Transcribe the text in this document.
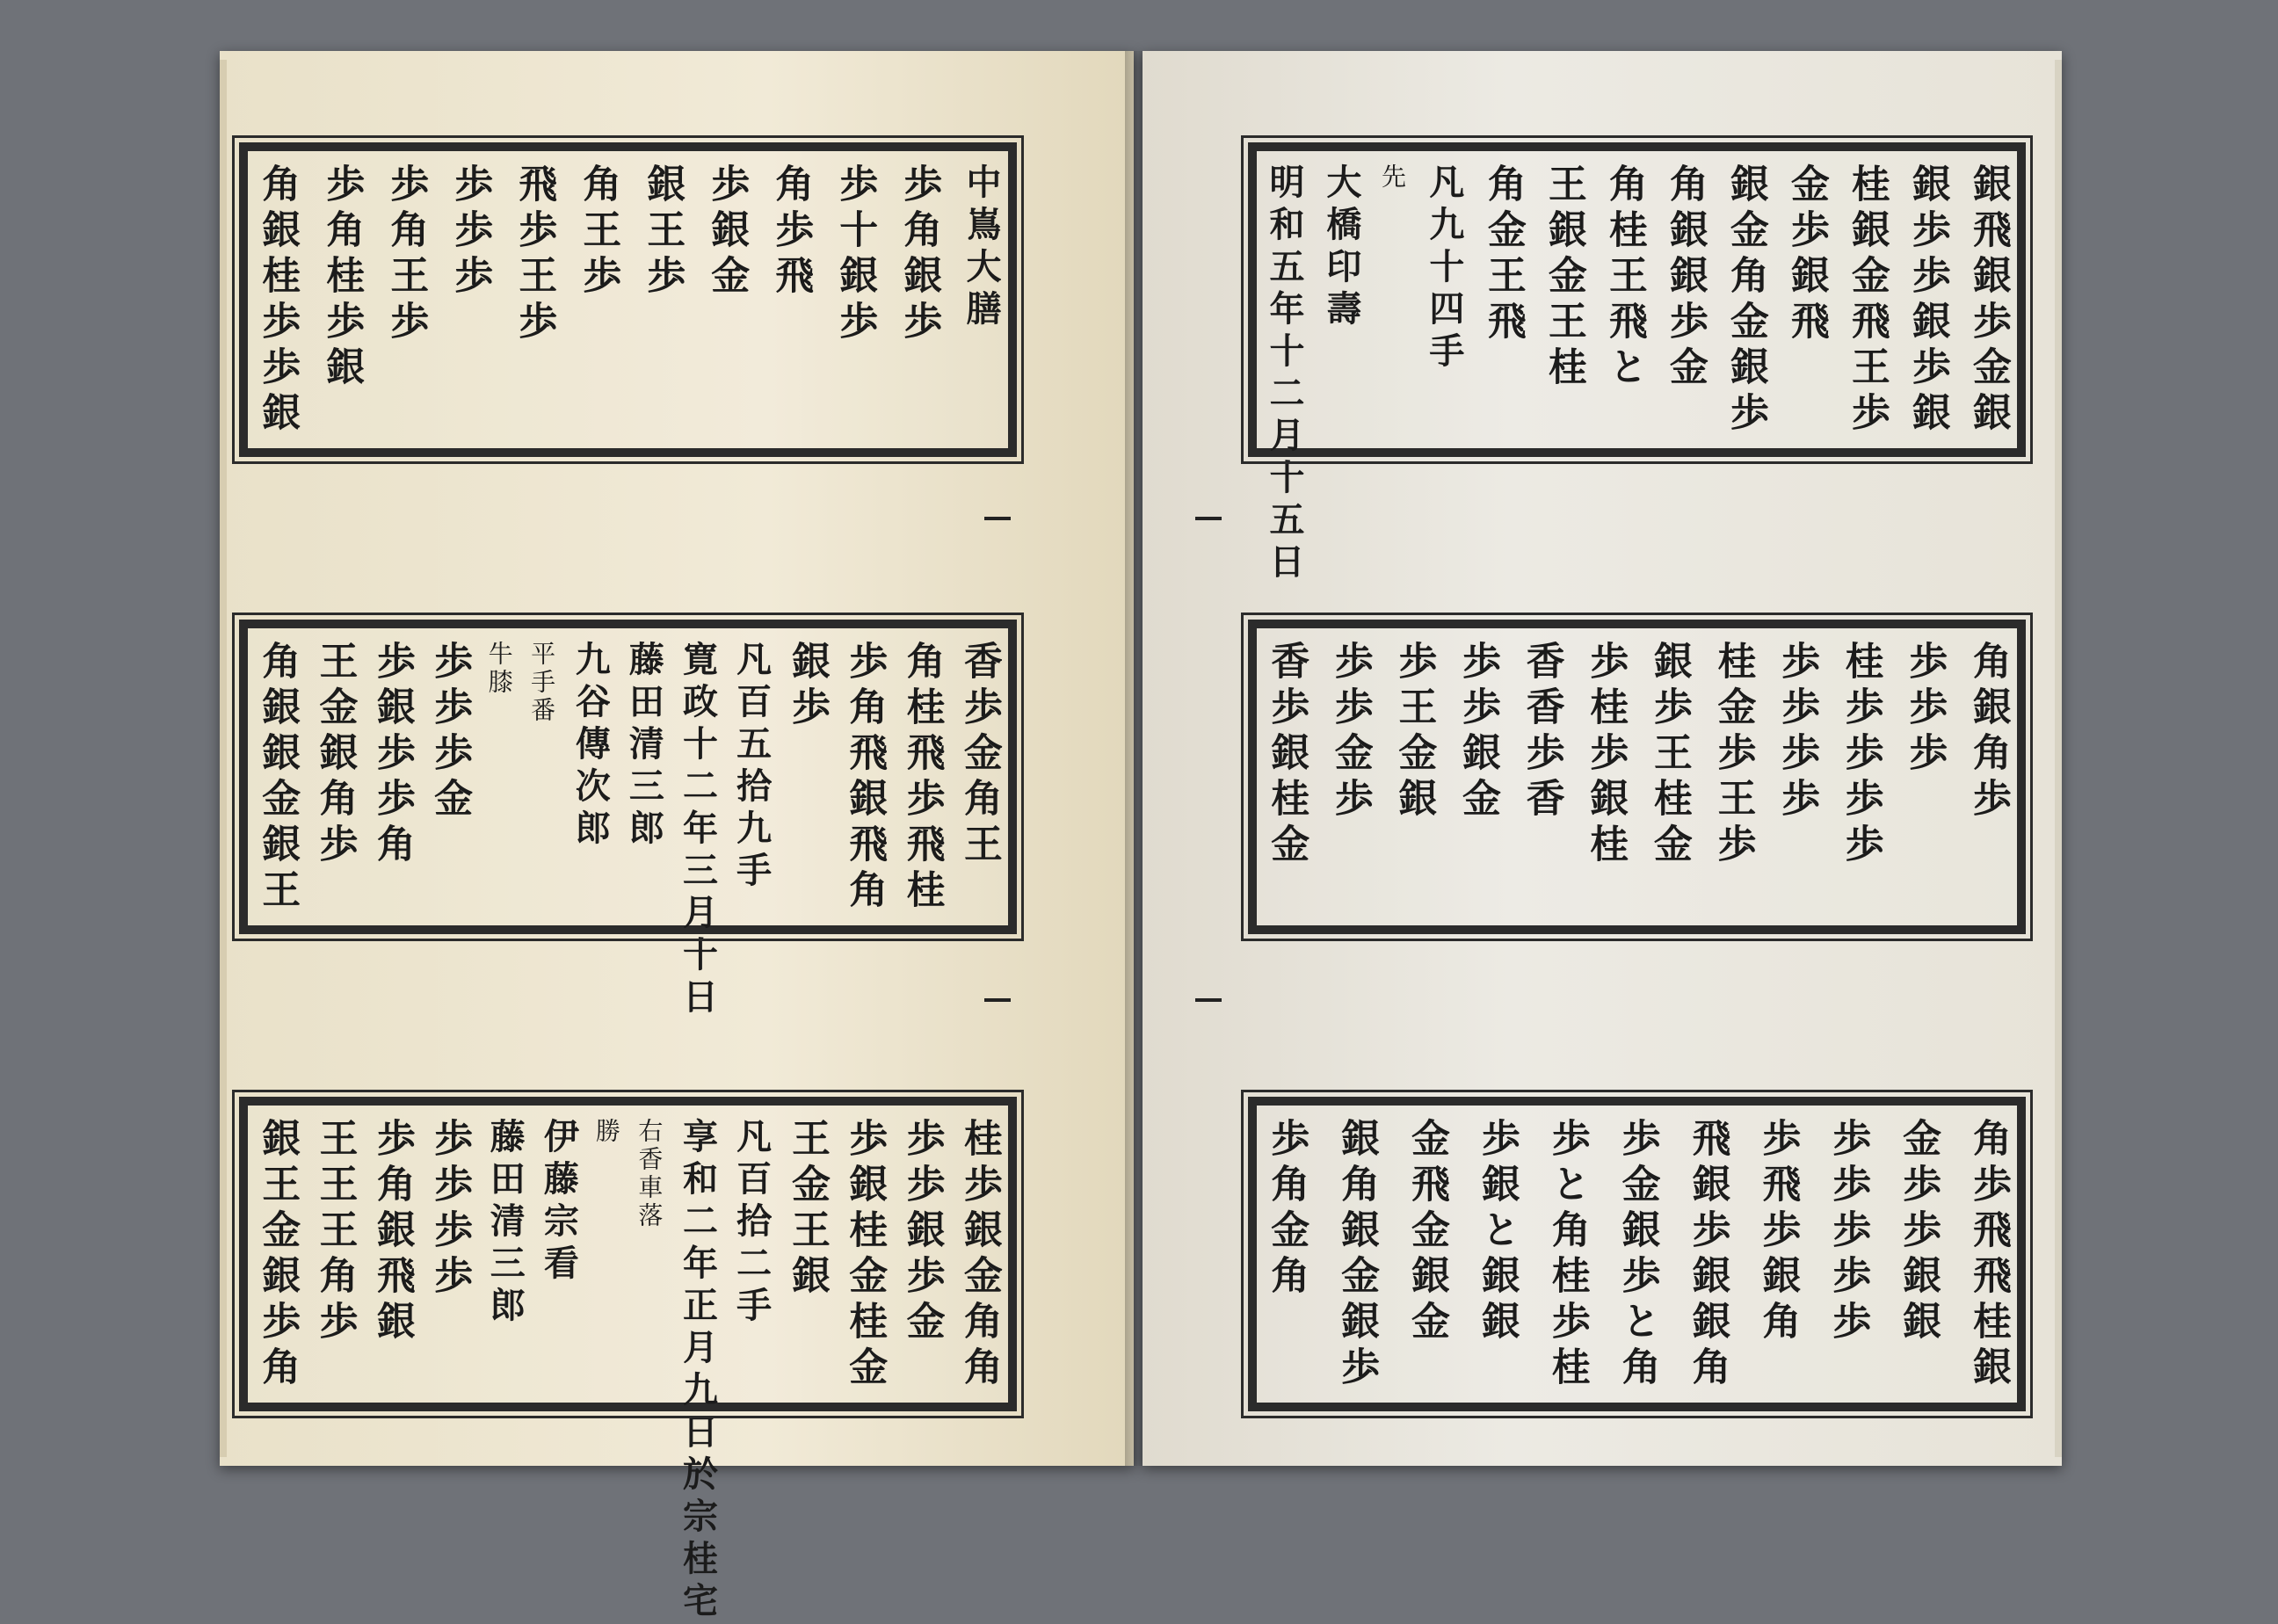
中嶌大膳
歩角銀歩
歩十銀歩
角歩飛
歩銀金
銀王歩
角王歩
飛歩王歩
歩歩歩
歩角王歩
歩角桂歩銀
角銀桂歩歩銀
香歩金角王
角桂飛歩飛桂
歩角飛銀飛角
銀歩
凡百五拾九手
寛政十二年三月十日
藤田清三郎
九谷傳次郎
平手番
牛膝
歩歩歩金
歩銀歩歩角
王金銀角歩
角銀銀金銀王
桂歩銀金角角
歩歩銀歩金
歩銀桂金桂金
王金王銀
凡百拾二手
享和二年正月九日於宗桂宅
右香車落
勝
伊藤宗看
藤田清三郎
歩歩歩歩
歩角銀飛銀
王王王角歩
銀王金銀歩角
銀飛銀歩金銀
銀歩歩銀歩銀
桂銀金飛王歩
金歩銀飛
銀金角金銀歩
角銀銀歩金
角桂王飛と
王銀金王桂
角金王飛
凡九十四手
先
大橋印壽
明和五年十二月十五日
角銀角歩
歩歩歩
桂歩歩歩歩
歩歩歩歩
桂金歩王歩
銀歩王桂金
歩桂歩銀桂
香香歩香
歩歩銀金
歩王金銀
歩歩金歩
香歩銀桂金
角歩飛飛桂銀
金歩歩銀銀
歩歩歩歩歩
歩飛歩銀角
飛銀歩銀銀角
歩金銀歩と角
歩と角桂歩桂
歩銀と銀銀
金飛金銀金
銀角銀金銀歩
歩角金角
